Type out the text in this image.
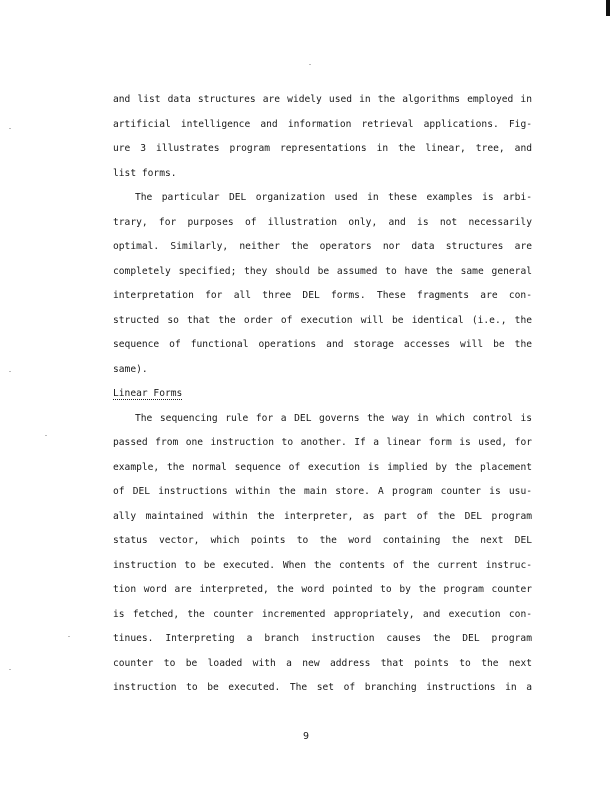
and list data structures are widely used in the algorithms employed in
artificial intelligence and information retrieval applications. Fig-
ure 3 illustrates program representations in the linear, tree, and
list forms.
The particular DEL organization used in these examples is arbi-
trary, for purposes of illustration only, and is not necessarily
optimal. Similarly, neither the operators nor data structures are
completely specified; they should be assumed to have the same general
interpretation for all three DEL forms. These fragments are con-
structed so that the order of execution will be identical (i.e., the
sequence of functional operations and storage accesses will be the
same).
Linear Forms
The sequencing rule for a DEL governs the way in which control is
passed from one instruction to another. If a linear form is used, for
example, the normal sequence of execution is implied by the placement
of DEL instructions within the main store. A program counter is usu-
ally maintained within the interpreter, as part of the DEL program
status vector, which points to the word containing the next DEL
instruction to be executed. When the contents of the current instruc-
tion word are interpreted, the word pointed to by the program counter
is fetched, the counter incremented appropriately, and execution con-
tinues. Interpreting a branch instruction causes the DEL program
counter to be loaded with a new address that points to the next
instruction to be executed. The set of branching instructions in a
9
